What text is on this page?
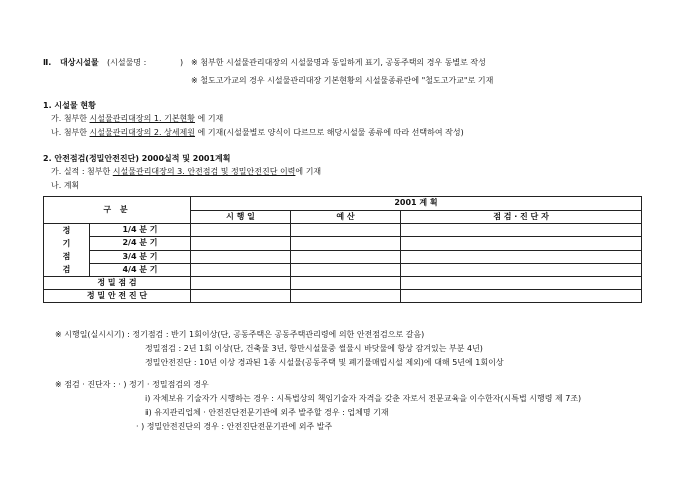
Ⅱ. 대상시설물 (시설물명 :	) ※ 첨부한 시설물관리대장의 시설물명과 동일하게 표기, 공동주택의 경우 동별로 작성
※ 철도고가교의 경우 시설물관리대장 기본현황의 시설물종류란에 "철도고가교"로 기재
1. 시설물 현황
가. 첨부한 시설물관리대장의 1. 기본현황 에 기재
나. 첨부한 시설물관리대장의 2. 상세제원 에 기재(시설물별로 양식이 다르므로 해당시설물 종류에 따라 선택하여 작성)
2. 안전점검(정밀안전진단) 2000실적 및 2001계획
가. 실적 : 첨부한 시설물관리대장의 3. 안전점검 및 정밀안전진단 이력에 기재
나. 계획
구 분		2001 계 획		
		시 행 일	예 산	점 검 · 진 단 자

정
기
점
검	1/4 분 기			
	2/4 분 기			
	3/4 분 기			
	4/4 분 기			
정 밀 점 검				
정 밀 안 전 진 단				
※ 시행일(실시시기) : 정기점검 : 반기 1회이상(단, 공동주택은 공동주택관리령에 의한 안전점검으로 갈음)
정밀점검 : 2년 1회 이상(단, 건축물 3년, 항만시설물중 썰물시 바닷물에 항상 잠겨있는 부분 4년)
정밀안전진단 : 10년 이상 경과된 1종 시설물(공동주택 및 폐기물매립시설 제외)에 대해 5년에 1회이상
※ 점검 · 진단자 : · ) 정기 · 정밀점검의 경우
ⅰ) 자체보유 기술자가 시행하는 경우 : 시특법상의 책임기술자 자격을 갖춘 자로서 전문교육을 이수한자(시특법 시행령 제 7조)
ⅱ) 유지관리업체 · 안전진단전문기관에 외주 발주할 경우 : 업체명 기재
· ) 정밀안전진단의 경우 : 안전진단전문기관에 외주 발주
